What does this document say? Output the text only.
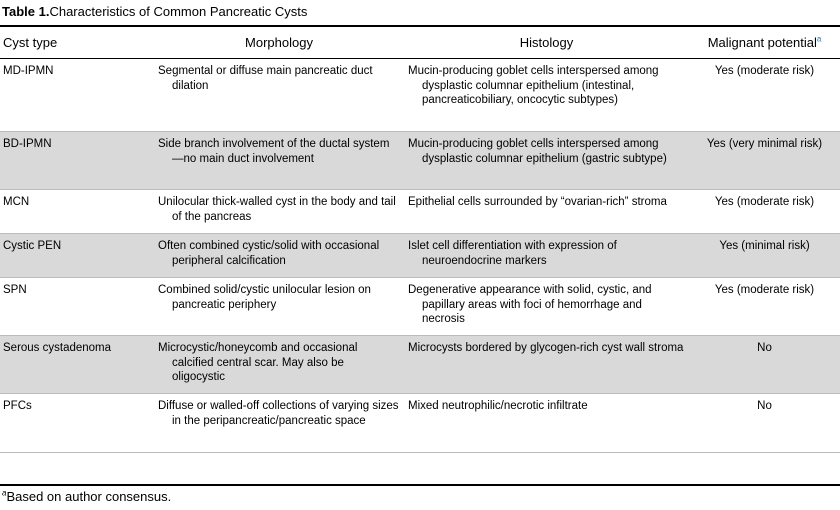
Table 1.Characteristics of Common Pancreatic Cysts
Cyst type	Morphology	Histology	Malignant potential$^a$
MD-IPMN	Segmental or diffuse main pancreatic duct dilation	Mucin-producing goblet cells interspersed among dysplastic columnar epithelium (intestinal, pancreaticobiliary, oncocytic subtypes)	Yes (moderate risk)
BD-IPMN	Side branch involvement of the ductal system—no main duct involvement	Mucin-producing goblet cells interspersed among dysplastic columnar epithelium (gastric subtype)	Yes (very minimal risk)
MCN	Unilocular thick-walled cyst in the body and tail of the pancreas	Epithelial cells surrounded by “ovarian-rich” stroma	Yes (moderate risk)
Cystic PEN	Often combined cystic/solid with occasional peripheral calcification	Islet cell differentiation with expression of neuroendocrine markers	Yes (minimal risk)
SPN	Combined solid/cystic unilocular lesion on pancreatic periphery	Degenerative appearance with solid, cystic, and papillary areas with foci of hemorrhage and necrosis	Yes (moderate risk)
Serous cystadenoma	Microcystic/honeycomb and occasional calcified central scar. May also be oligocystic	Microcysts bordered by glycogen-rich cyst wall stroma	No
PFCs	Diffuse or walled-off collections of varying sizes in the peripancreatic/pancreatic space	Mixed neutrophilic/necrotic infiltrate	No
$^a$Based on author consensus.
